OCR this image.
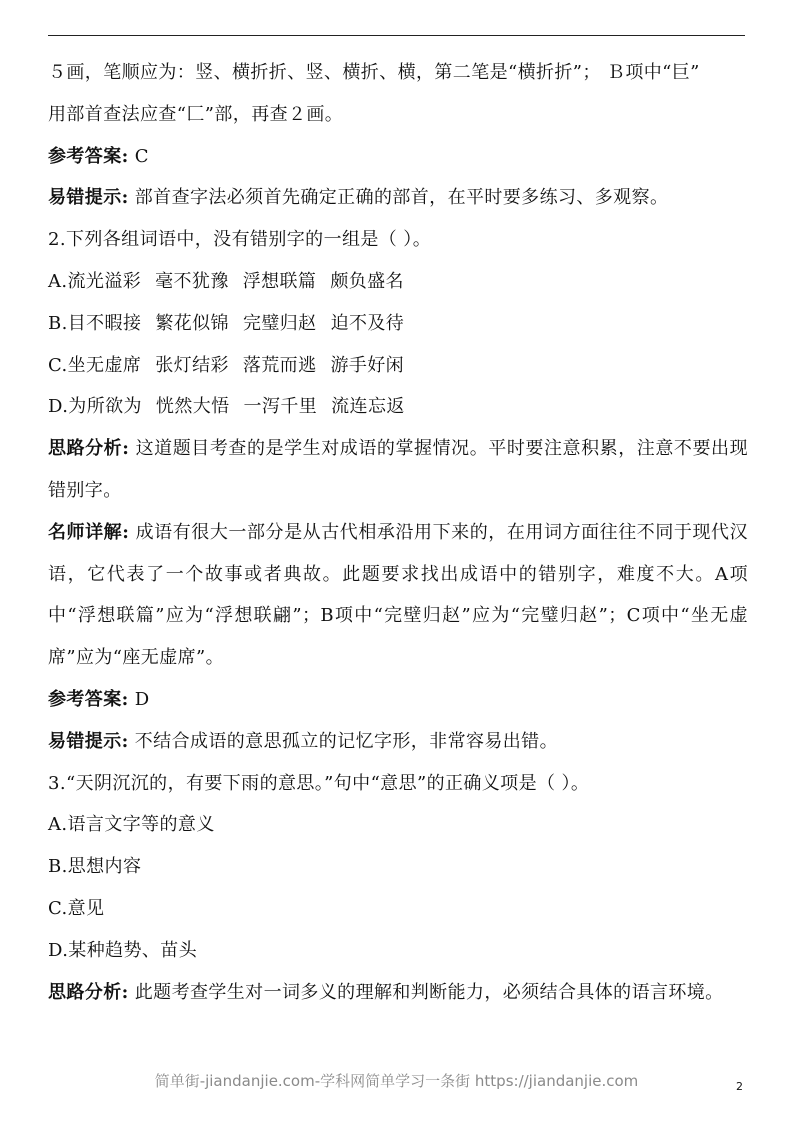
５画，笔顺应为：竖、横折折、竖、横折、横，第二笔是“横折折”； Ｂ项中“巨”

用部首查法应查“匚”部，再查２画。

参考答案: C

易错提示: 部首查字法必须首先确定正确的部首，在平时要多练习、多观察。

2.下列各组词语中，没有错别字的一组是（ ）。

A.流光溢彩 毫不犹豫 浮想联篇 颇负盛名

B.目不暇接 繁花似锦 完璧归赵 迫不及待

C.坐无虚席 张灯结彩 落荒而逃 游手好闲

D.为所欲为 恍然大悟 一泻千里 流连忘返

思路分析: 这道题目考查的是学生对成语的掌握情况。平时要注意积累，注意不要出现错别字。

名师详解: 成语有很大一部分是从古代相承沿用下来的，在用词方面往往不同于现代汉语，它代表了一个故事或者典故。此题要求找出成语中的错别字，难度不大。A项中“浮想联篇”应为“浮想联翩”；B项中“完壁归赵”应为“完璧归赵”；C项中“坐无虚席”应为“座无虚席”。

参考答案: D

易错提示: 不结合成语的意思孤立的记忆字形，非常容易出错。

3.“天阴沉沉的，有要下雨的意思。”句中“意思”的正确义项是（ ）。

A.语言文字等的意义

B.思想内容

C.意见

D.某种趋势、苗头

思路分析: 此题考查学生对一词多义的理解和判断能力，必须结合具体的语言环境。

简单街-jiandanjie.com-学科网简单学习一条街 https://jiandanjie.com	2
